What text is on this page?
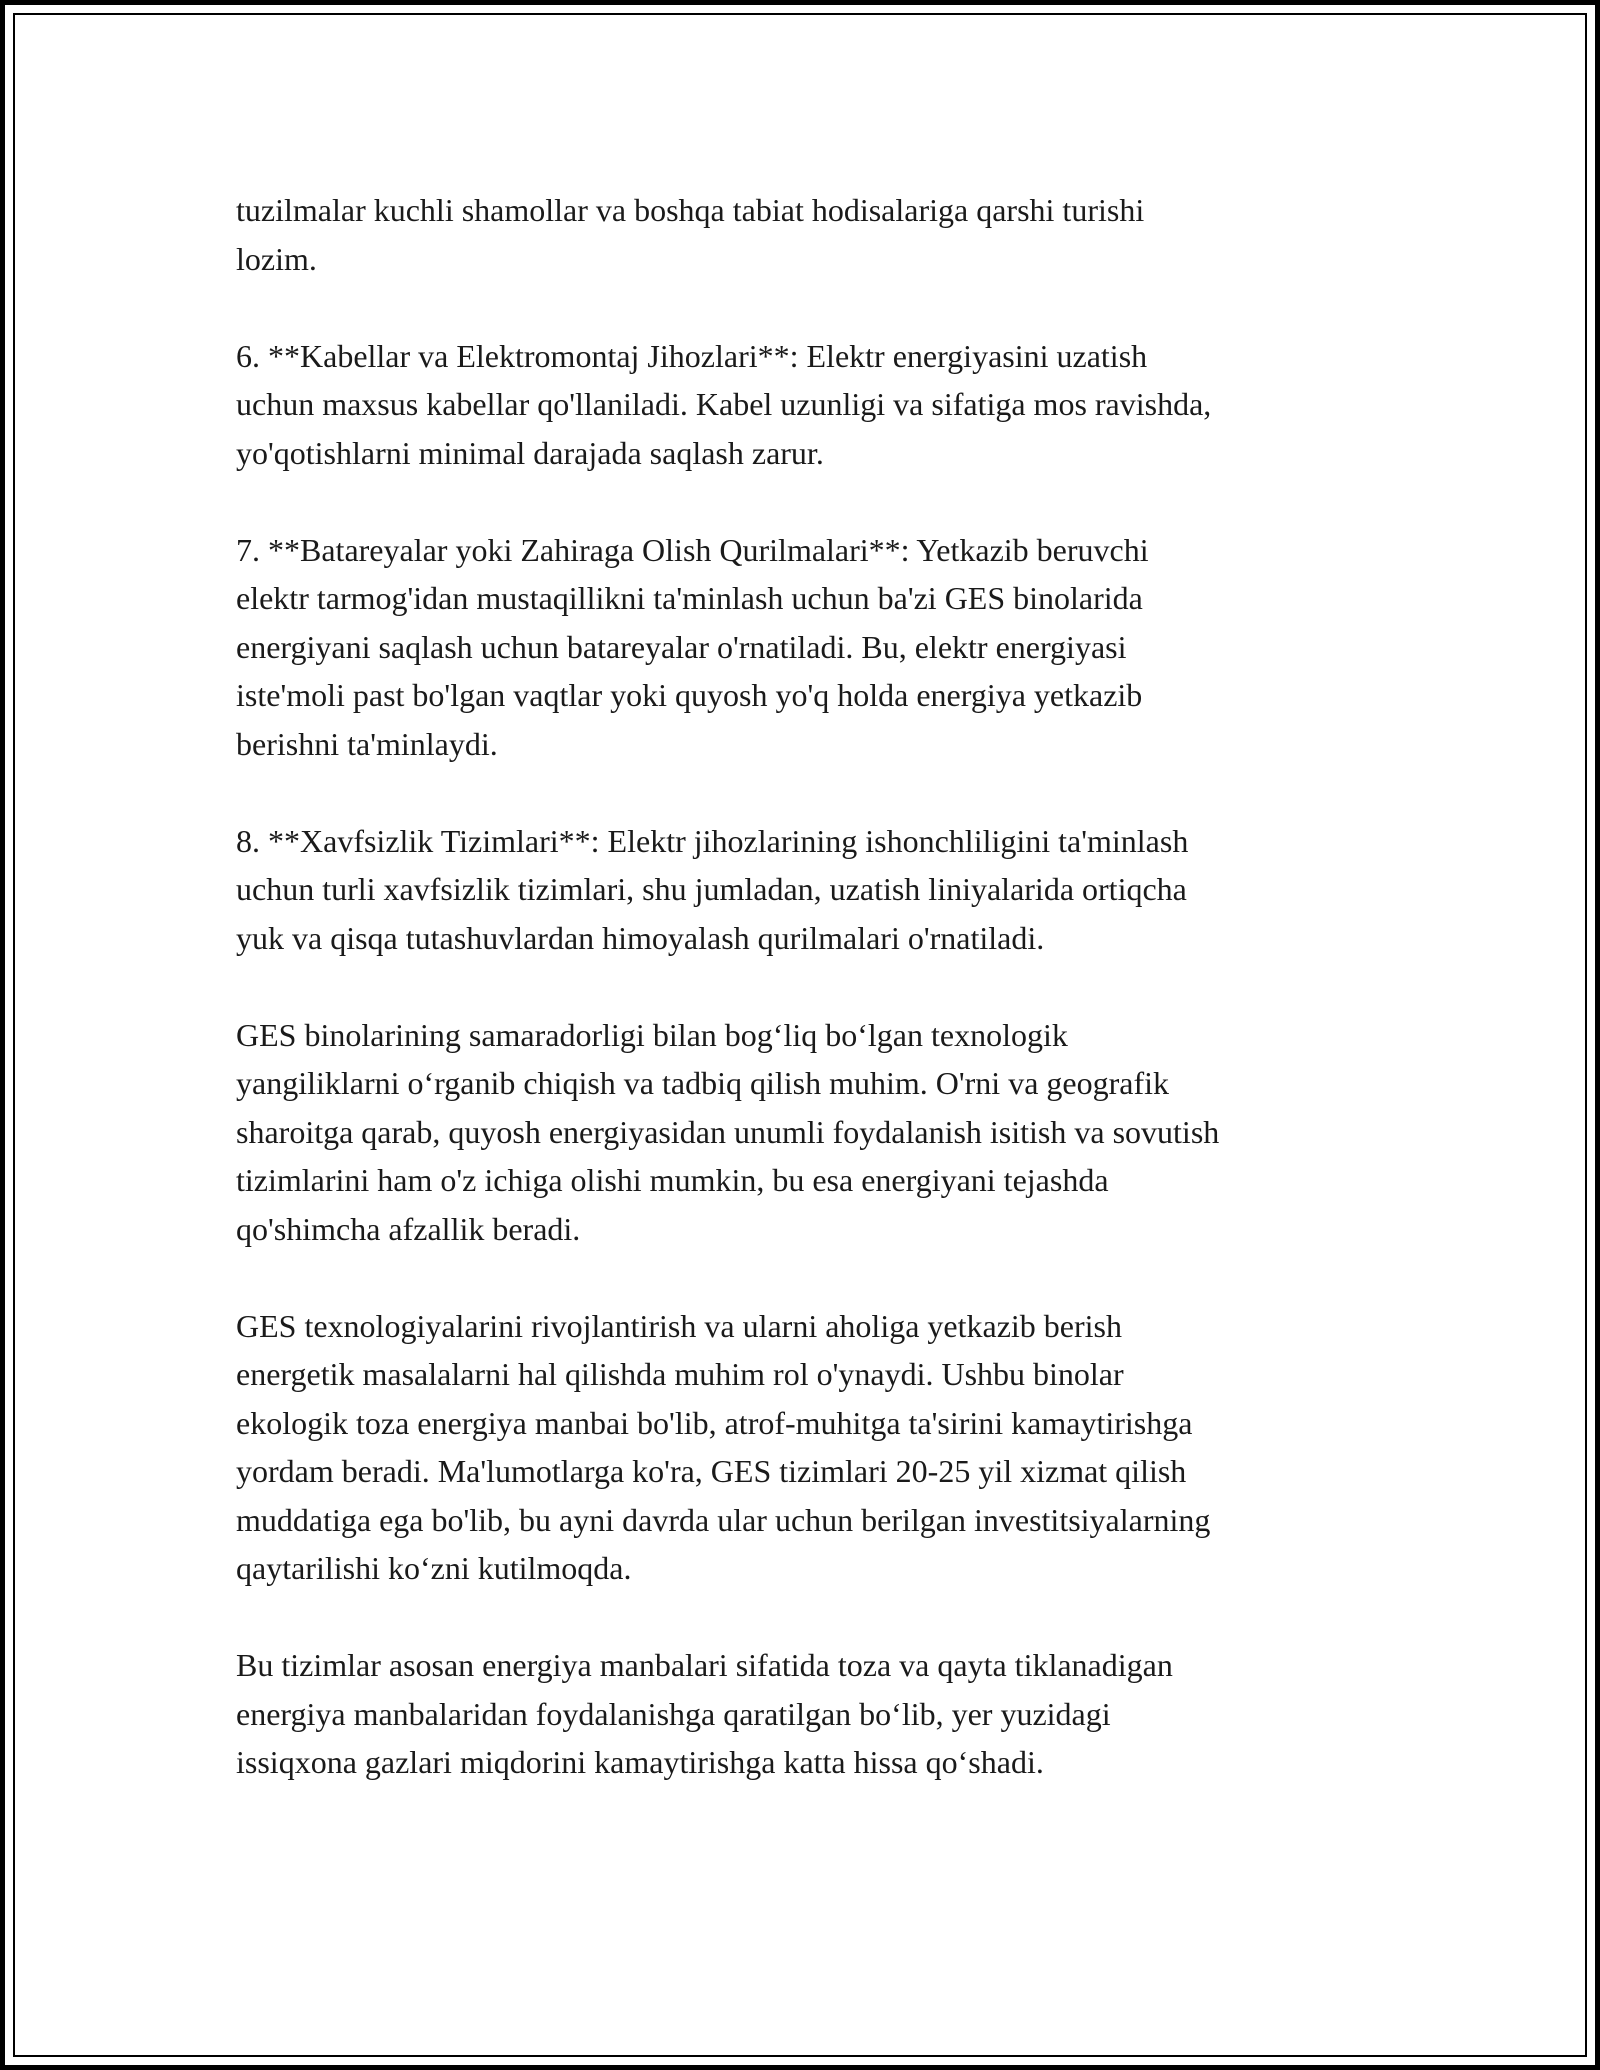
tuzilmalar kuchli shamollar va boshqa tabiat hodisalariga qarshi turishi
lozim.

6. **Kabellar va Elektromontaj Jihozlari**: Elektr energiyasini uzatish
uchun maxsus kabellar qo'llaniladi. Kabel uzunligi va sifatiga mos ravishda,
yo'qotishlarni minimal darajada saqlash zarur.

7. **Batareyalar yoki Zahiraga Olish Qurilmalari**: Yetkazib beruvchi
elektr tarmog'idan mustaqillikni ta'minlash uchun ba'zi GES binolarida
energiyani saqlash uchun batareyalar o'rnatiladi. Bu, elektr energiyasi
iste'moli past bo'lgan vaqtlar yoki quyosh yo'q holda energiya yetkazib
berishni ta'minlaydi.

8. **Xavfsizlik Tizimlari**: Elektr jihozlarining ishonchliligini ta'minlash
uchun turli xavfsizlik tizimlari, shu jumladan, uzatish liniyalarida ortiqcha
yuk va qisqa tutashuvlardan himoyalash qurilmalari o'rnatiladi.

GES binolarining samaradorligi bilan bog‘liq bo‘lgan texnologik
yangiliklarni o‘rganib chiqish va tadbiq qilish muhim. O'rni va geografik
sharoitga qarab, quyosh energiyasidan unumli foydalanish isitish va sovutish
tizimlarini ham o'z ichiga olishi mumkin, bu esa energiyani tejashda
qo'shimcha afzallik beradi.

GES texnologiyalarini rivojlantirish va ularni aholiga yetkazib berish
energetik masalalarni hal qilishda muhim rol o'ynaydi. Ushbu binolar
ekologik toza energiya manbai bo'lib, atrof-muhitga ta'sirini kamaytirishga
yordam beradi. Ma'lumotlarga ko'ra, GES tizimlari 20-25 yil xizmat qilish
muddatiga ega bo'lib, bu ayni davrda ular uchun berilgan investitsiyalarning
qaytarilishi ko‘zni kutilmoqda.

Bu tizimlar asosan energiya manbalari sifatida toza va qayta tiklanadigan
energiya manbalaridan foydalanishga qaratilgan bo‘lib, yer yuzidagi
issiqxona gazlari miqdorini kamaytirishga katta hissa qo‘shadi.
